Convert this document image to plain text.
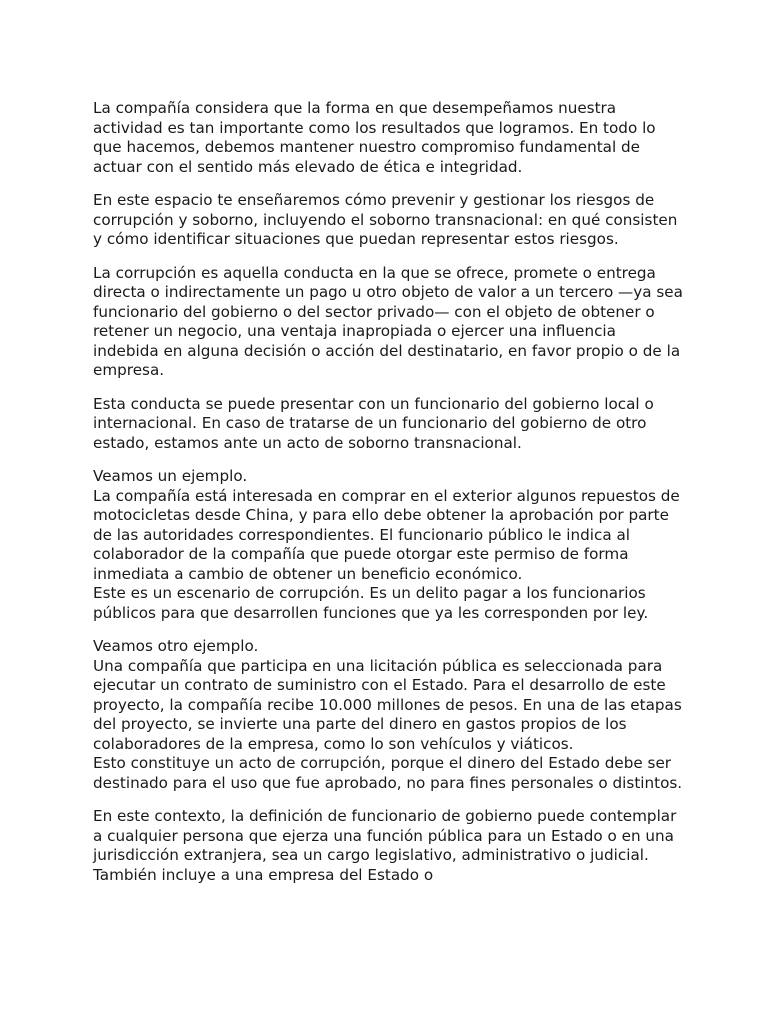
La compañía considera que la forma en que desempeñamos nuestra actividad es tan importante como los resultados que logramos. En todo lo que hacemos, debemos mantener nuestro compromiso fundamental de actuar con el sentido más elevado de ética e integridad.

En este espacio te enseñaremos cómo prevenir y gestionar los riesgos de corrupción y soborno, incluyendo el soborno transnacional: en qué consisten y cómo identificar situaciones que puedan representar estos riesgos.

La corrupción es aquella conducta en la que se ofrece, promete o entrega directa o indirectamente un pago u otro objeto de valor a un tercero —ya sea funcionario del gobierno o del sector privado— con el objeto de obtener o retener un negocio, una ventaja inapropiada o ejercer una influencia indebida en alguna decisión o acción del destinatario, en favor propio o de la empresa.

Esta conducta se puede presentar con un funcionario del gobierno local o internacional. En caso de tratarse de un funcionario del gobierno de otro estado, estamos ante un acto de soborno transnacional.

Veamos un ejemplo.
La compañía está interesada en comprar en el exterior algunos repuestos de motocicletas desde China, y para ello debe obtener la aprobación por parte de las autoridades correspondientes. El funcionario público le indica al colaborador de la compañía que puede otorgar este permiso de forma inmediata a cambio de obtener un beneficio económico.
Este es un escenario de corrupción. Es un delito pagar a los funcionarios públicos para que desarrollen funciones que ya les corresponden por ley.

Veamos otro ejemplo.
Una compañía que participa en una licitación pública es seleccionada para ejecutar un contrato de suministro con el Estado. Para el desarrollo de este proyecto, la compañía recibe 10.000 millones de pesos. En una de las etapas del proyecto, se invierte una parte del dinero en gastos propios de los colaboradores de la empresa, como lo son vehículos y viáticos.
Esto constituye un acto de corrupción, porque el dinero del Estado debe ser destinado para el uso que fue aprobado, no para fines personales o distintos.

En este contexto, la definición de funcionario de gobierno puede contemplar a cualquier persona que ejerza una función pública para un Estado o en una jurisdicción extranjera, sea un cargo legislativo, administrativo o judicial. También incluye a una empresa del Estado o
